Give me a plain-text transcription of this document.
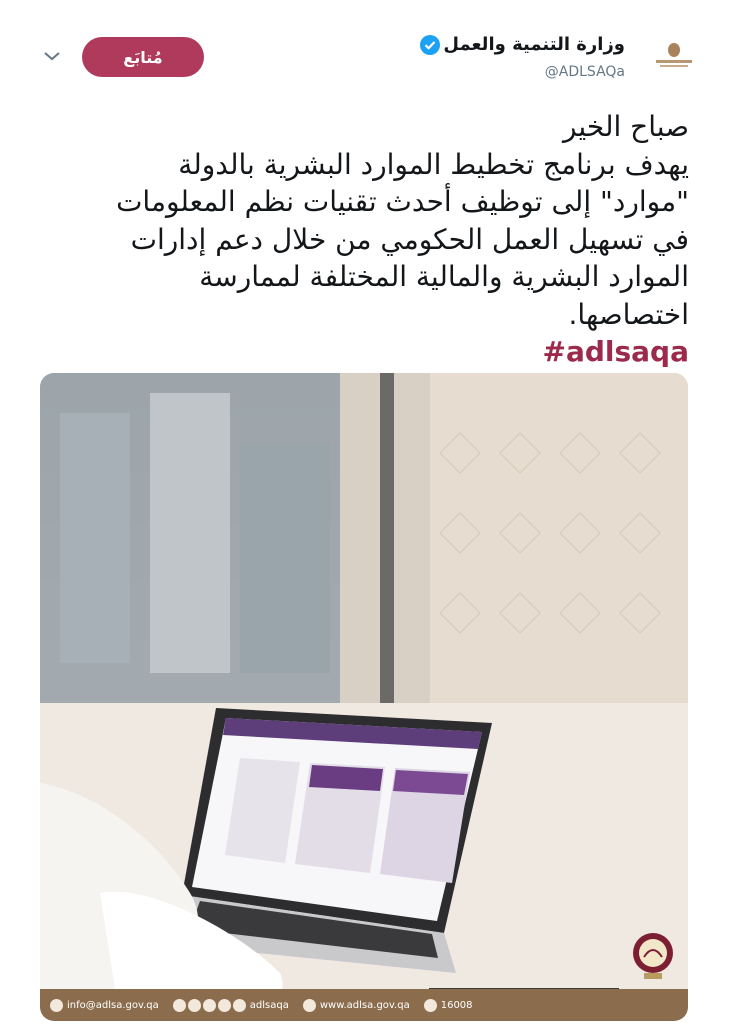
مُتابَع
وزارة التنمية والعمل
@ADLSAQa
صباح الخير
يهدف برنامج تخطيط الموارد البشرية بالدولة
"موارد" إلى توظيف أحدث تقنيات نظم المعلومات
في تسهيل العمل الحكومي من خلال دعم إدارات
الموارد البشرية والمالية المختلفة لممارسة
اختصاصها.
#adlsaqa
info@adlsa.gov.qa	adlsaqa	www.adlsa.gov.qa	16008
